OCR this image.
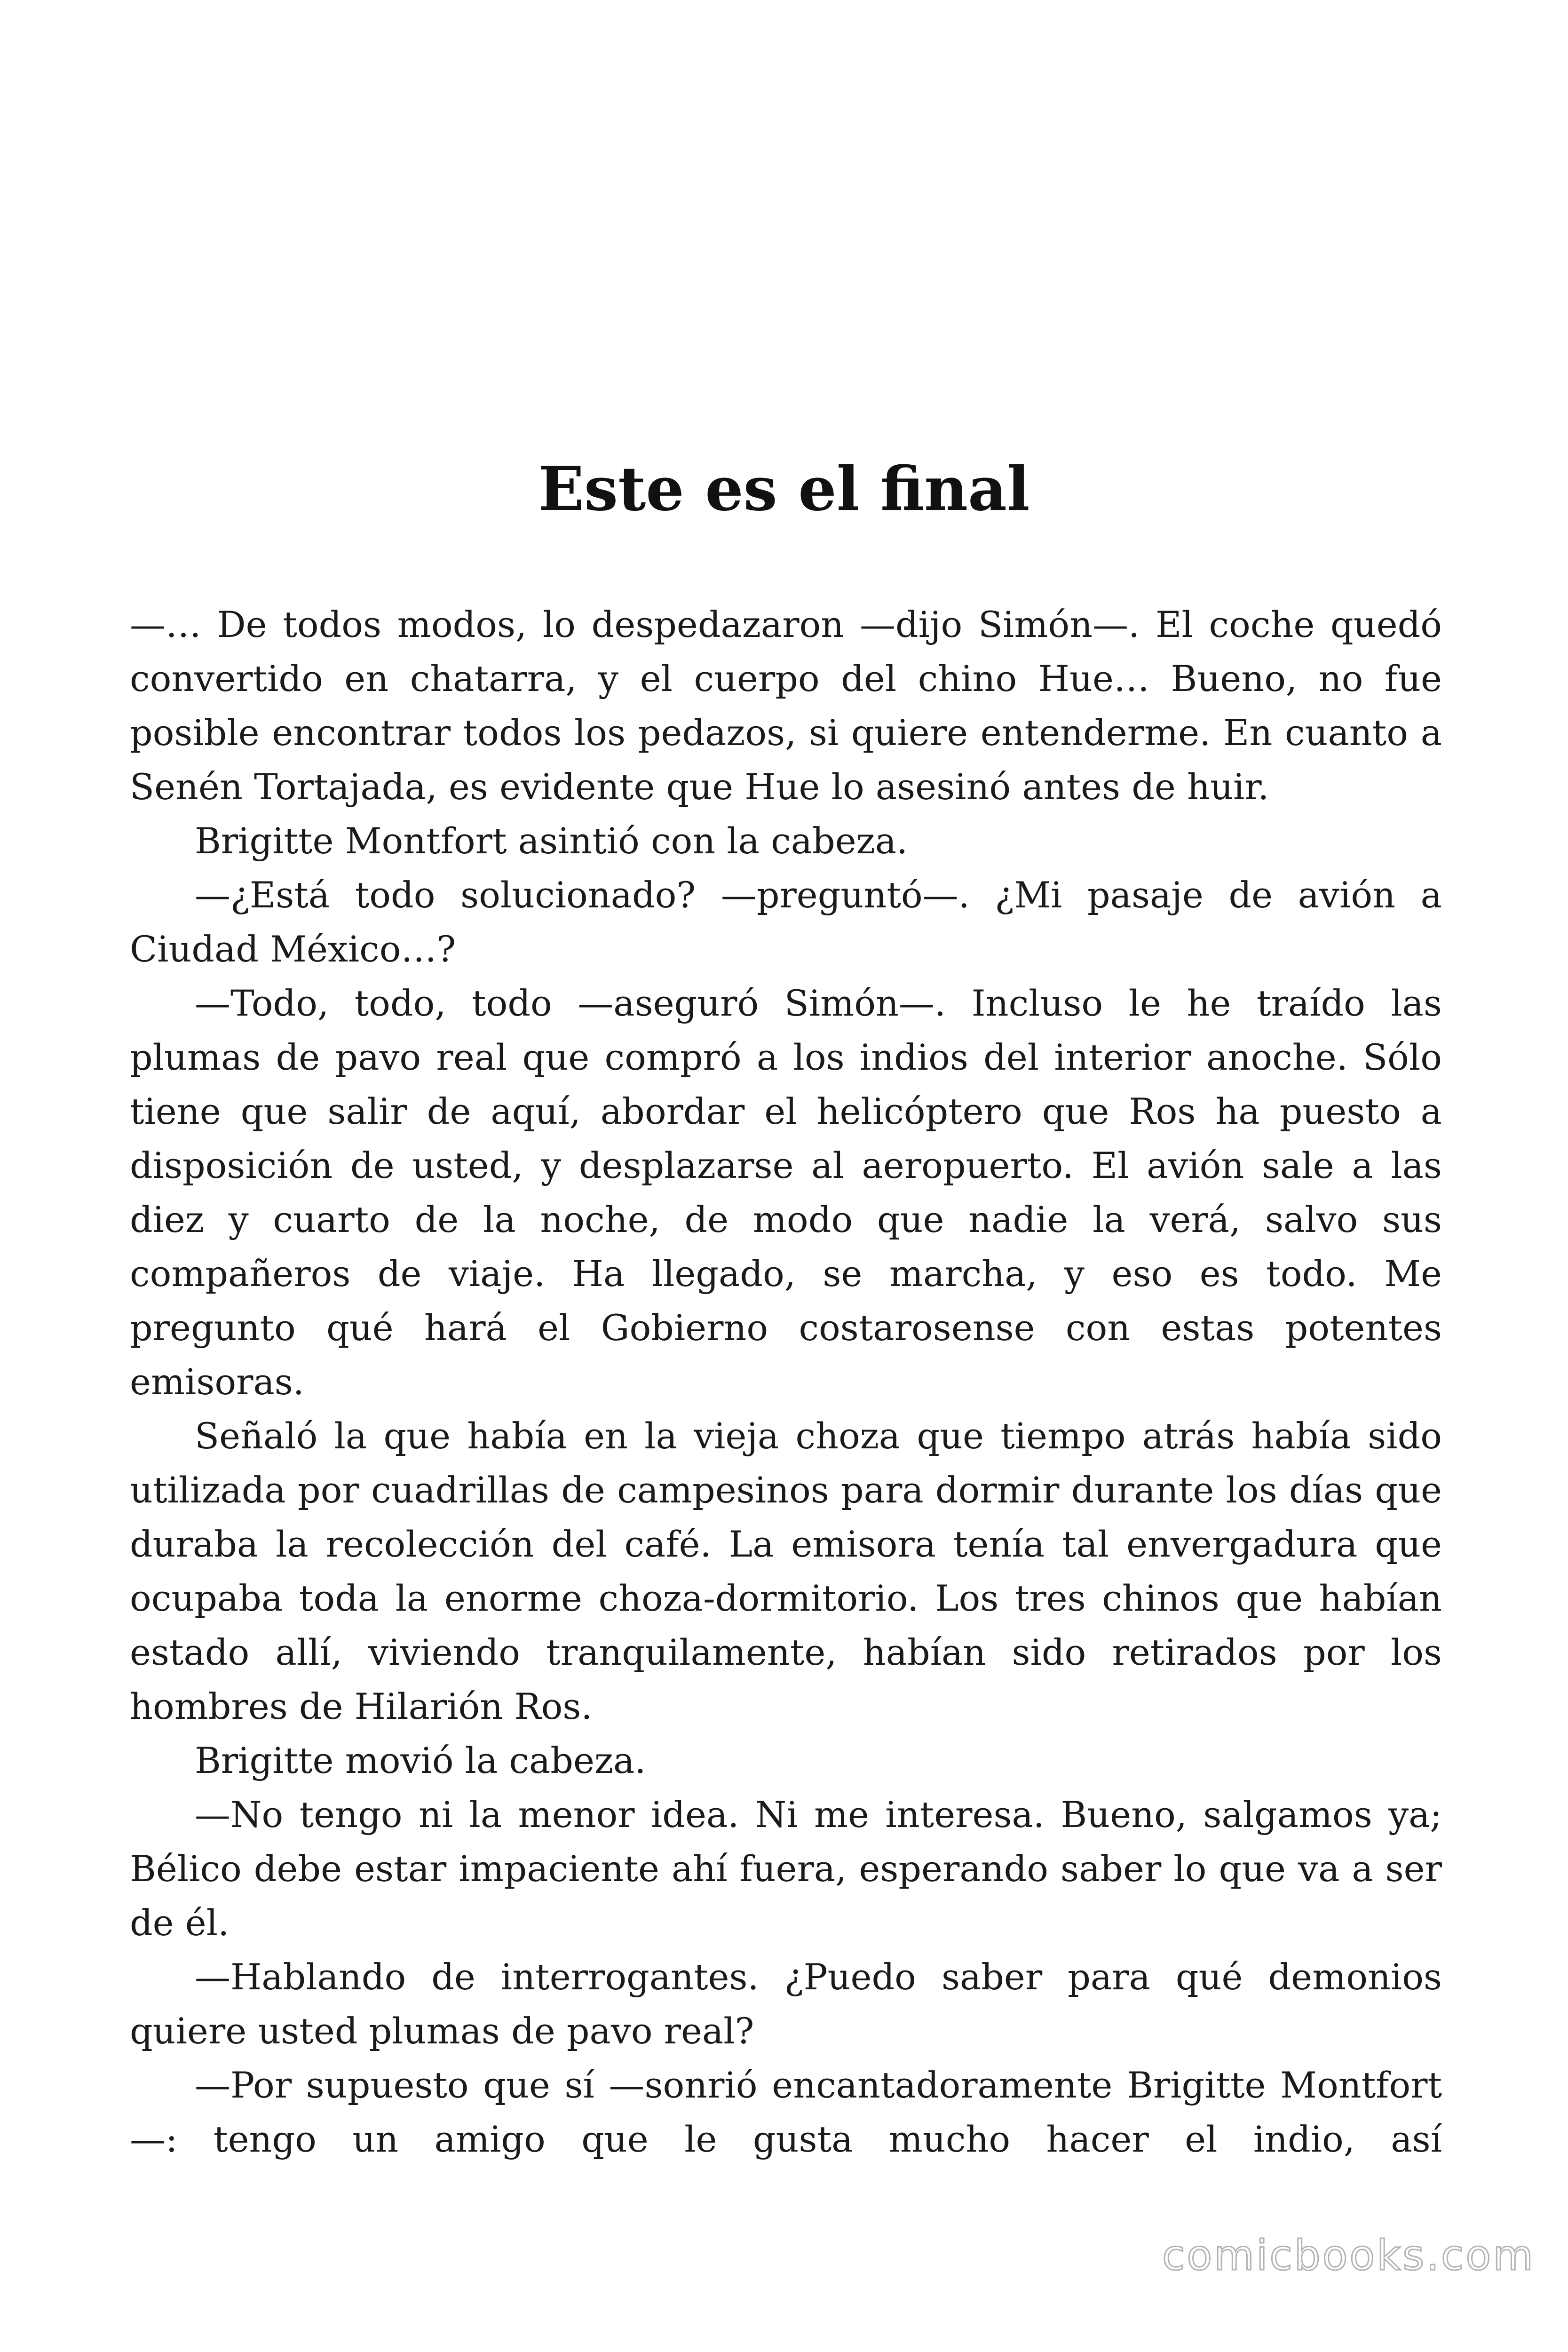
Este es el final

—… De todos modos, lo despedazaron —dijo Simón—. El coche quedó convertido en chatarra, y el cuerpo del chino Hue… Bueno, no fue posible encontrar todos los pedazos, si quiere entenderme. En cuanto a Senén Tortajada, es evidente que Hue lo asesinó antes de huir.

Brigitte Montfort asintió con la cabeza.

—¿Está todo solucionado? —preguntó—. ¿Mi pasaje de avión a Ciudad México…?

—Todo, todo, todo —aseguró Simón—. Incluso le he traído las plumas de pavo real que compró a los indios del interior anoche. Sólo tiene que salir de aquí, abordar el helicóptero que Ros ha puesto a disposición de usted, y desplazarse al aeropuerto. El avión sale a las diez y cuarto de la noche, de modo que nadie la verá, salvo sus compañeros de viaje. Ha llegado, se marcha, y eso es todo. Me pregunto qué hará el Gobierno costarosense con estas potentes emisoras.

Señaló la que había en la vieja choza que tiempo atrás había sido utilizada por cuadrillas de campesinos para dormir durante los días que duraba la recolección del café. La emisora tenía tal envergadura que ocupaba toda la enorme choza-dormitorio. Los tres chinos que habían estado allí, viviendo tranquilamente, habían sido retirados por los hombres de Hilarión Ros.

Brigitte movió la cabeza.

—No tengo ni la menor idea. Ni me interesa. Bueno, salgamos ya; Bélico debe estar impaciente ahí fuera, esperando saber lo que va a ser de él.

—Hablando de interrogantes. ¿Puedo saber para qué demonios quiere usted plumas de pavo real?

—Por supuesto que sí —sonrió encantadoramente Brigitte Montfort—: tengo un amigo que le gusta mucho hacer el indio, así

comicbooks.com
